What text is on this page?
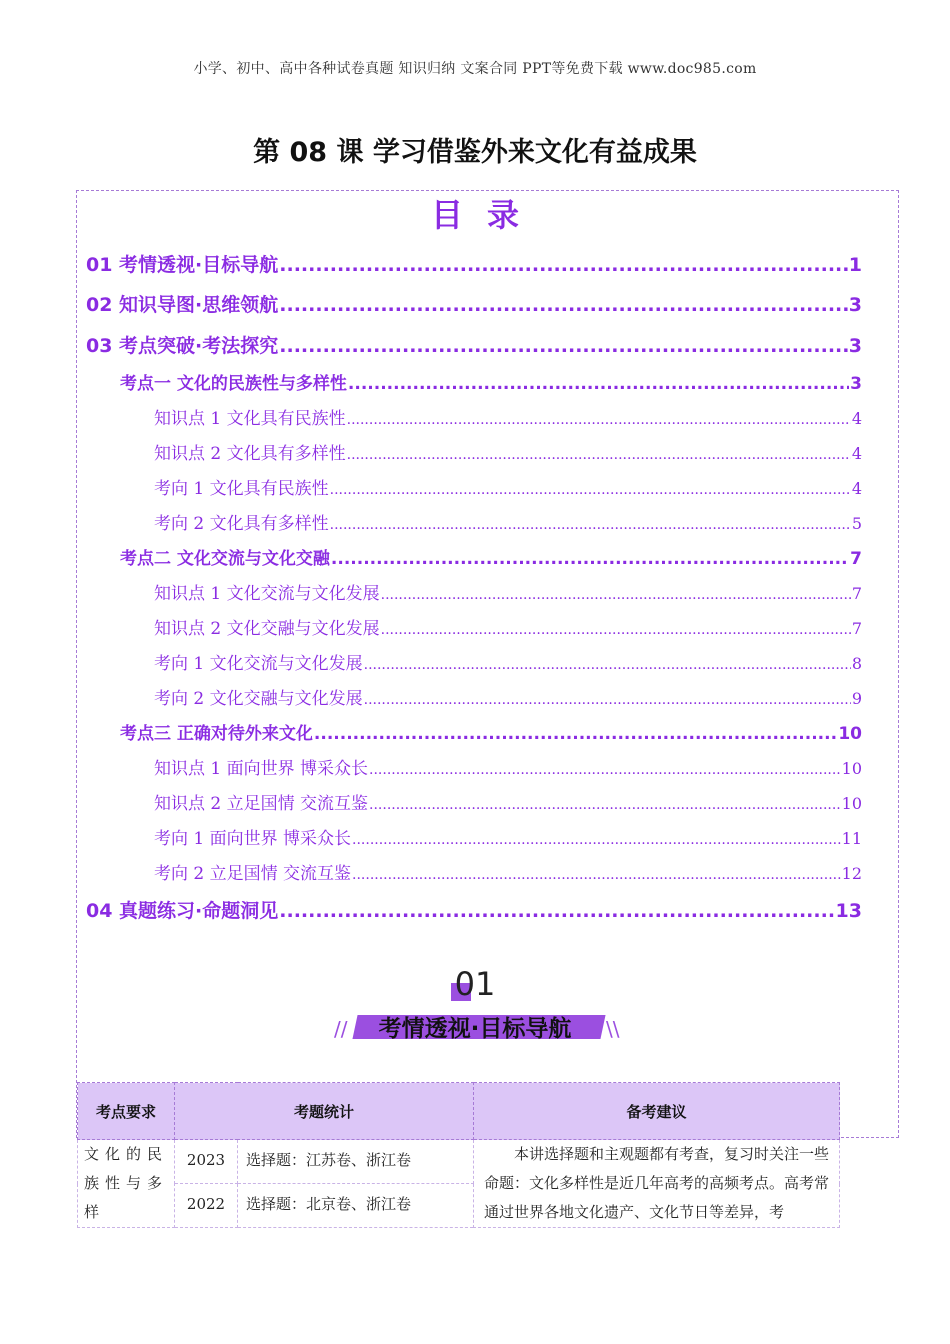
小学、初中、高中各种试卷真题 知识归纳 文案合同 PPT等免费下载 www.doc985.com
第 08 课 学习借鉴外来文化有益成果
目录
01 考情透视·目标导航 .....	1
02 知识导图·思维领航 .....	3
03 考点突破·考法探究 .....	3
考点一 文化的民族性与多样性 .....	3
知识点 1 文化具有民族性 .....	4
知识点 2 文化具有多样性 .....	4
考向 1 文化具有民族性 .....	4
考向 2 文化具有多样性 .....	5
考点二 文化交流与文化交融 .....	7
知识点 1 文化交流与文化发展 .....	7
知识点 2 文化交融与文化发展 .....	7
考向 1 文化交流与文化发展 .....	8
考向 2 文化交融与文化发展 .....	9
考点三 正确对待外来文化 .....	10
知识点 1 面向世界 博采众长 .....	10
知识点 2 立足国情 交流互鉴 .....	10
考向 1 面向世界 博采众长 .....	11
考向 2 立足国情 交流互鉴 .....	12
04 真题练习·命题洞见 .....	13
01
//	考情透视·目标导航	\\
考点要求	考题统计		备考建议
文化的民族性与多样	2023	选择题：江苏卷、浙江卷	本讲选择题和主观题都有考查，复习时关注一些命题：文化多样性是近几年高考的高频考点。高考常通过世界各地文化遗产、文化节日等差异，考
	2022	选择题：北京卷、浙江卷	
